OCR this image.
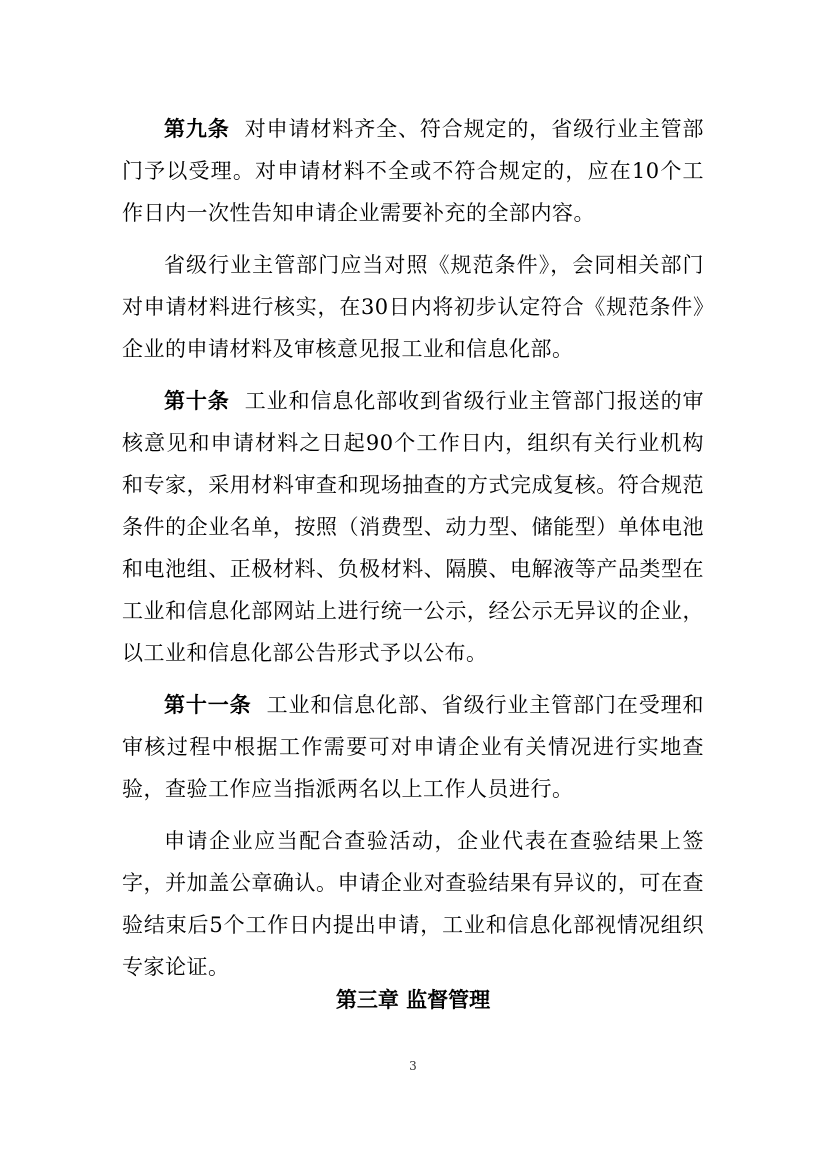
第九条 对申请材料齐全、符合规定的，省级行业主管部门予以受理。对申请材料不全或不符合规定的，应在10个工作日内一次性告知申请企业需要补充的全部内容。

省级行业主管部门应当对照《规范条件》，会同相关部门对申请材料进行核实，在30日内将初步认定符合《规范条件》企业的申请材料及审核意见报工业和信息化部。

第十条 工业和信息化部收到省级行业主管部门报送的审核意见和申请材料之日起90个工作日内，组织有关行业机构和专家，采用材料审查和现场抽查的方式完成复核。符合规范条件的企业名单，按照（消费型、动力型、储能型）单体电池和电池组、正极材料、负极材料、隔膜、电解液等产品类型在工业和信息化部网站上进行统一公示，经公示无异议的企业，以工业和信息化部公告形式予以公布。

第十一条 工业和信息化部、省级行业主管部门在受理和审核过程中根据工作需要可对申请企业有关情况进行实地查验，查验工作应当指派两名以上工作人员进行。

申请企业应当配合查验活动，企业代表在查验结果上签字，并加盖公章确认。申请企业对查验结果有异议的，可在查验结束后5个工作日内提出申请，工业和信息化部视情况组织专家论证。

第三章 监督管理
3
